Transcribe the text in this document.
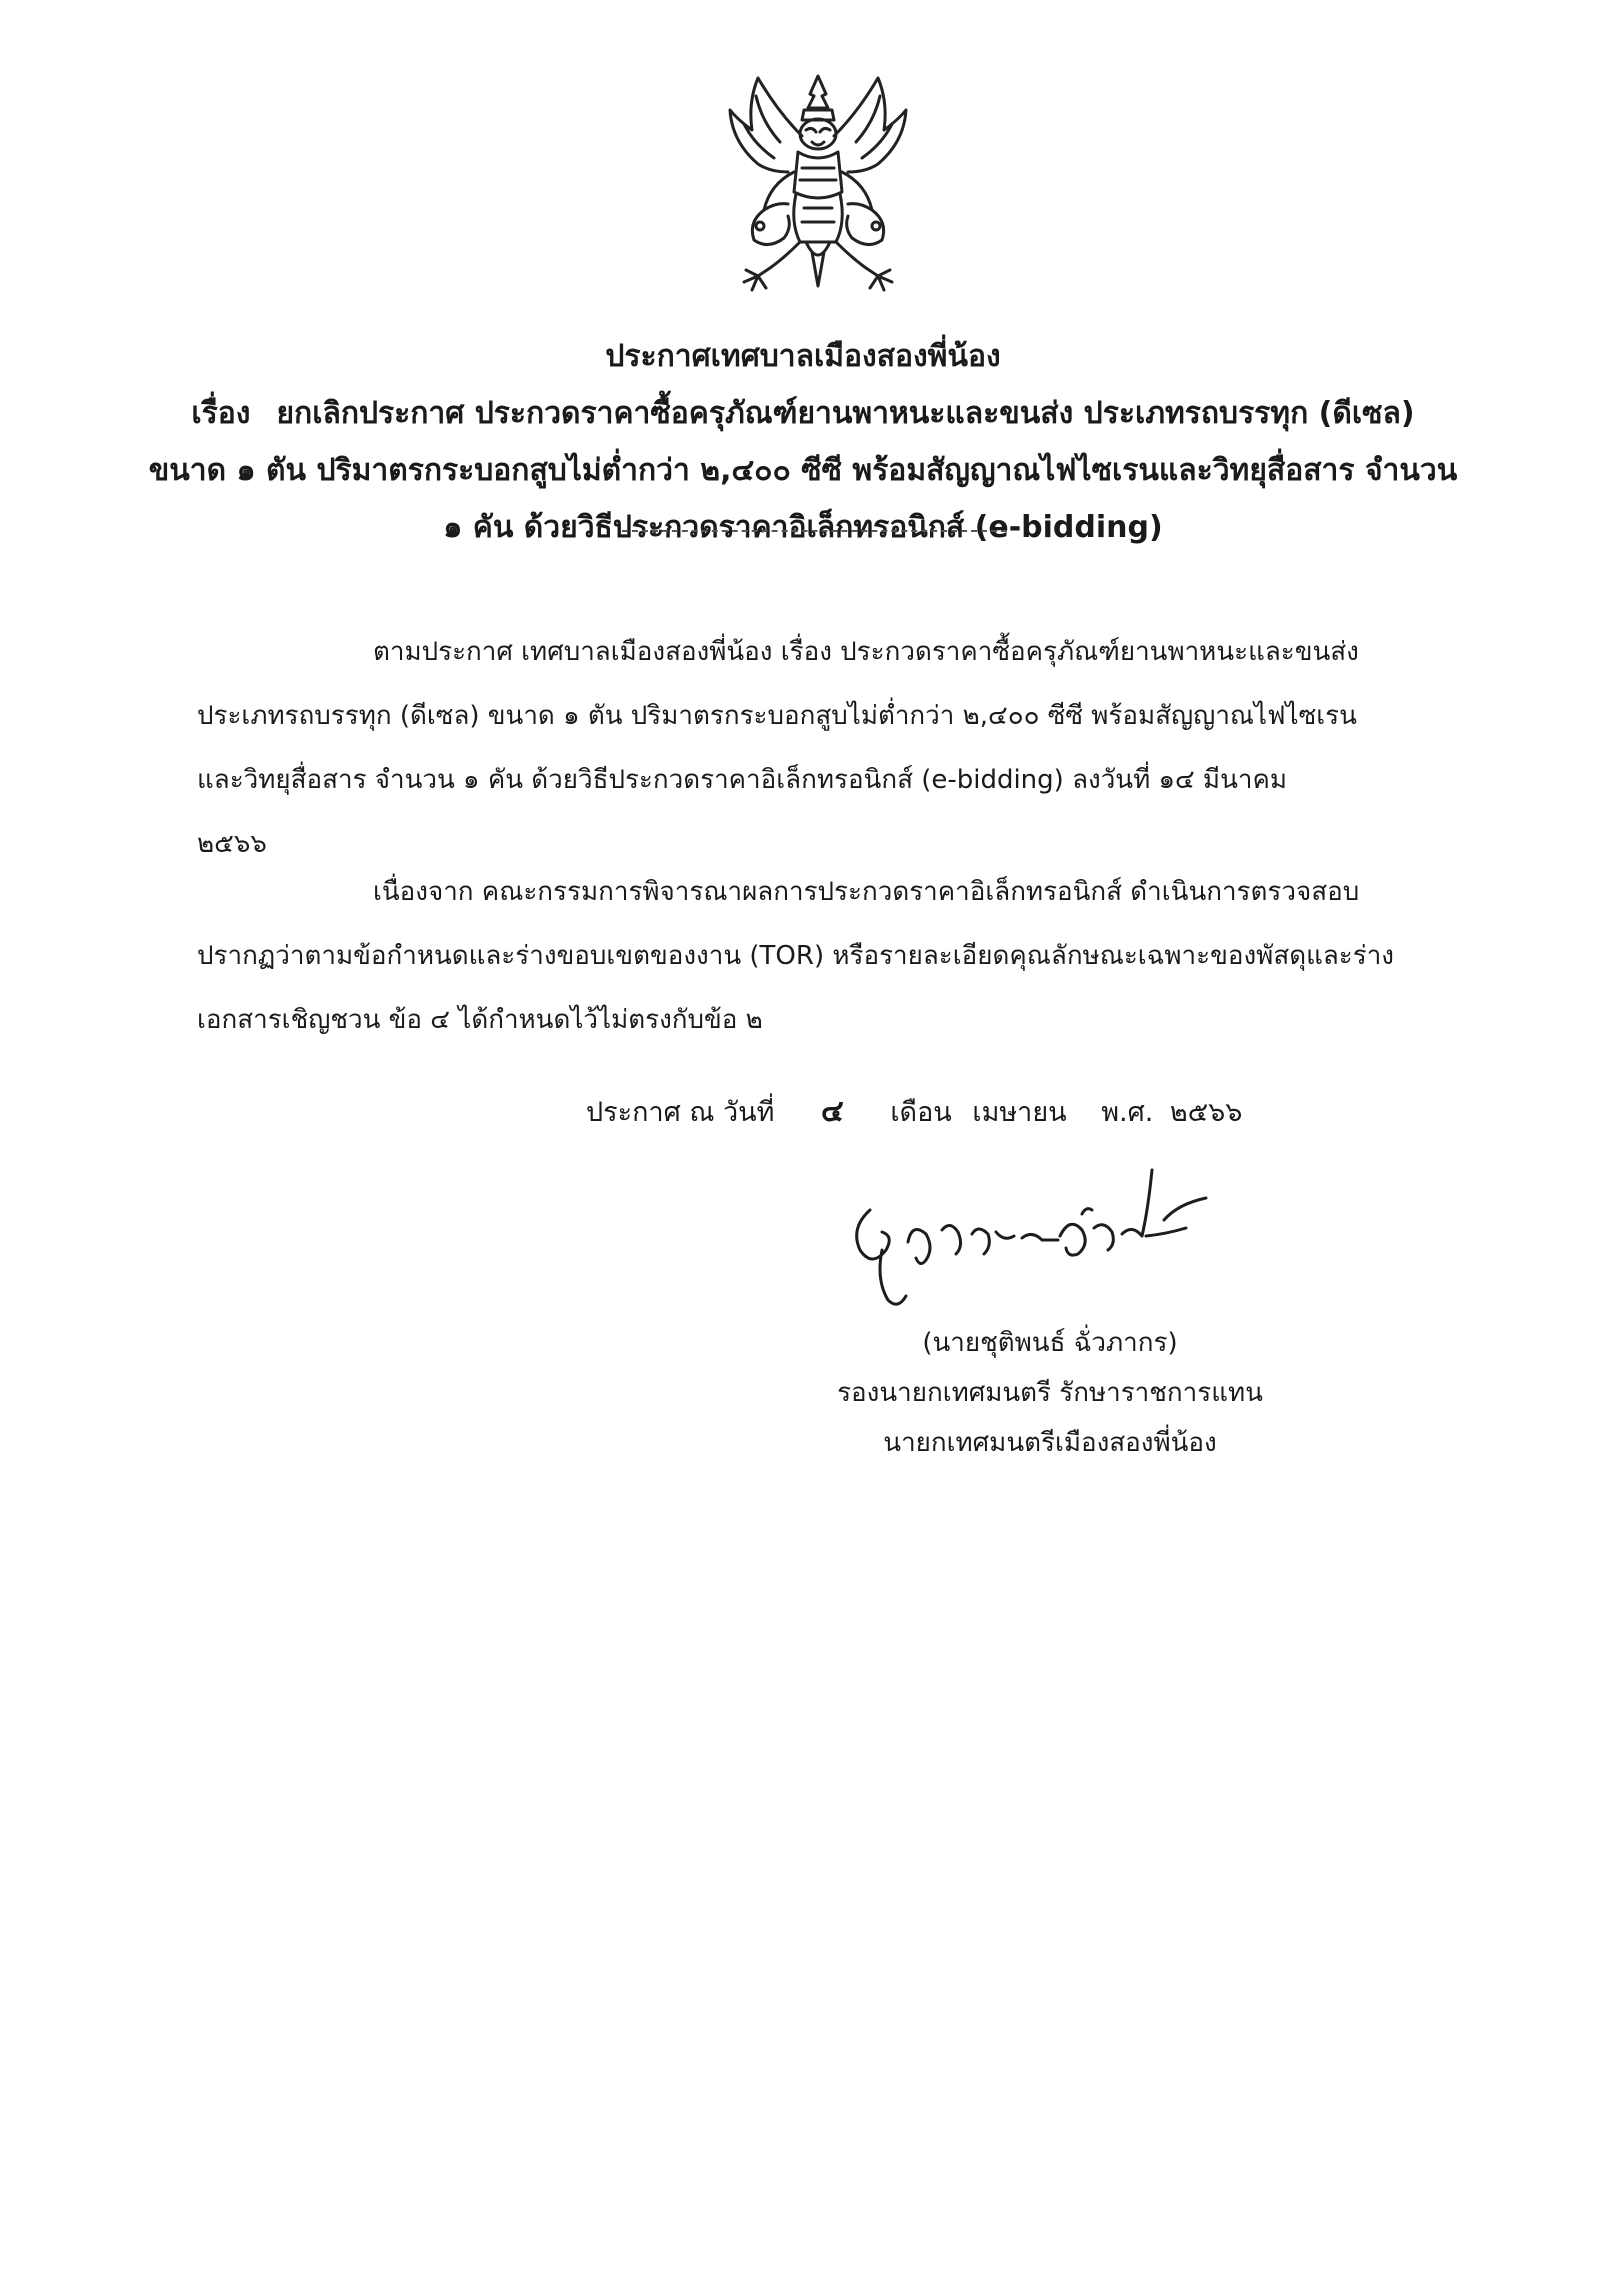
ประกาศเทศบาลเมืองสองพี่น้อง
เรื่อง ยกเลิกประกาศ ประกวดราคาซื้อครุภัณฑ์ยานพาหนะและขนส่ง ประเภทรถบรรทุก (ดีเซล)
ขนาด ๑ ตัน ปริมาตรกระบอกสูบไม่ต่ำกว่า ๒,๔๐๐ ซีซี พร้อมสัญญาณไฟไซเรนและวิทยุสื่อสาร จำนวน
๑ คัน ด้วยวิธีประกวดราคาอิเล็กทรอนิกส์ (e-bidding)

ตามประกาศ เทศบาลเมืองสองพี่น้อง เรื่อง ประกวดราคาซื้อครุภัณฑ์ยานพาหนะและขนส่ง

ประเภทรถบรรทุก (ดีเซล) ขนาด ๑ ตัน ปริมาตรกระบอกสูบไม่ต่ำกว่า ๒,๔๐๐ ซีซี พร้อมสัญญาณไฟไซเรน

และวิทยุสื่อสาร จำนวน ๑ คัน ด้วยวิธีประกวดราคาอิเล็กทรอนิกส์ (e-bidding) ลงวันที่ ๑๔ มีนาคม

๒๕๖๖

เนื่องจาก คณะกรรมการพิจารณาผลการประกวดราคาอิเล็กทรอนิกส์ ดำเนินการตรวจสอบ

ปรากฏว่าตามข้อกำหนดและร่างขอบเขตของงาน (TOR) หรือรายละเอียดคุณลักษณะเฉพาะของพัสดุและร่าง

เอกสารเชิญชวน ข้อ ๔ ได้กำหนดไว้ไม่ตรงกับข้อ ๒

ประกาศ ณ วันที่ ๔ เดือน เมษายน พ.ศ. ๒๕๖๖
(นายชุติพนธ์ ฉั่วภากร)
รองนายกเทศมนตรี รักษาราชการแทน
นายกเทศมนตรีเมืองสองพี่น้อง
